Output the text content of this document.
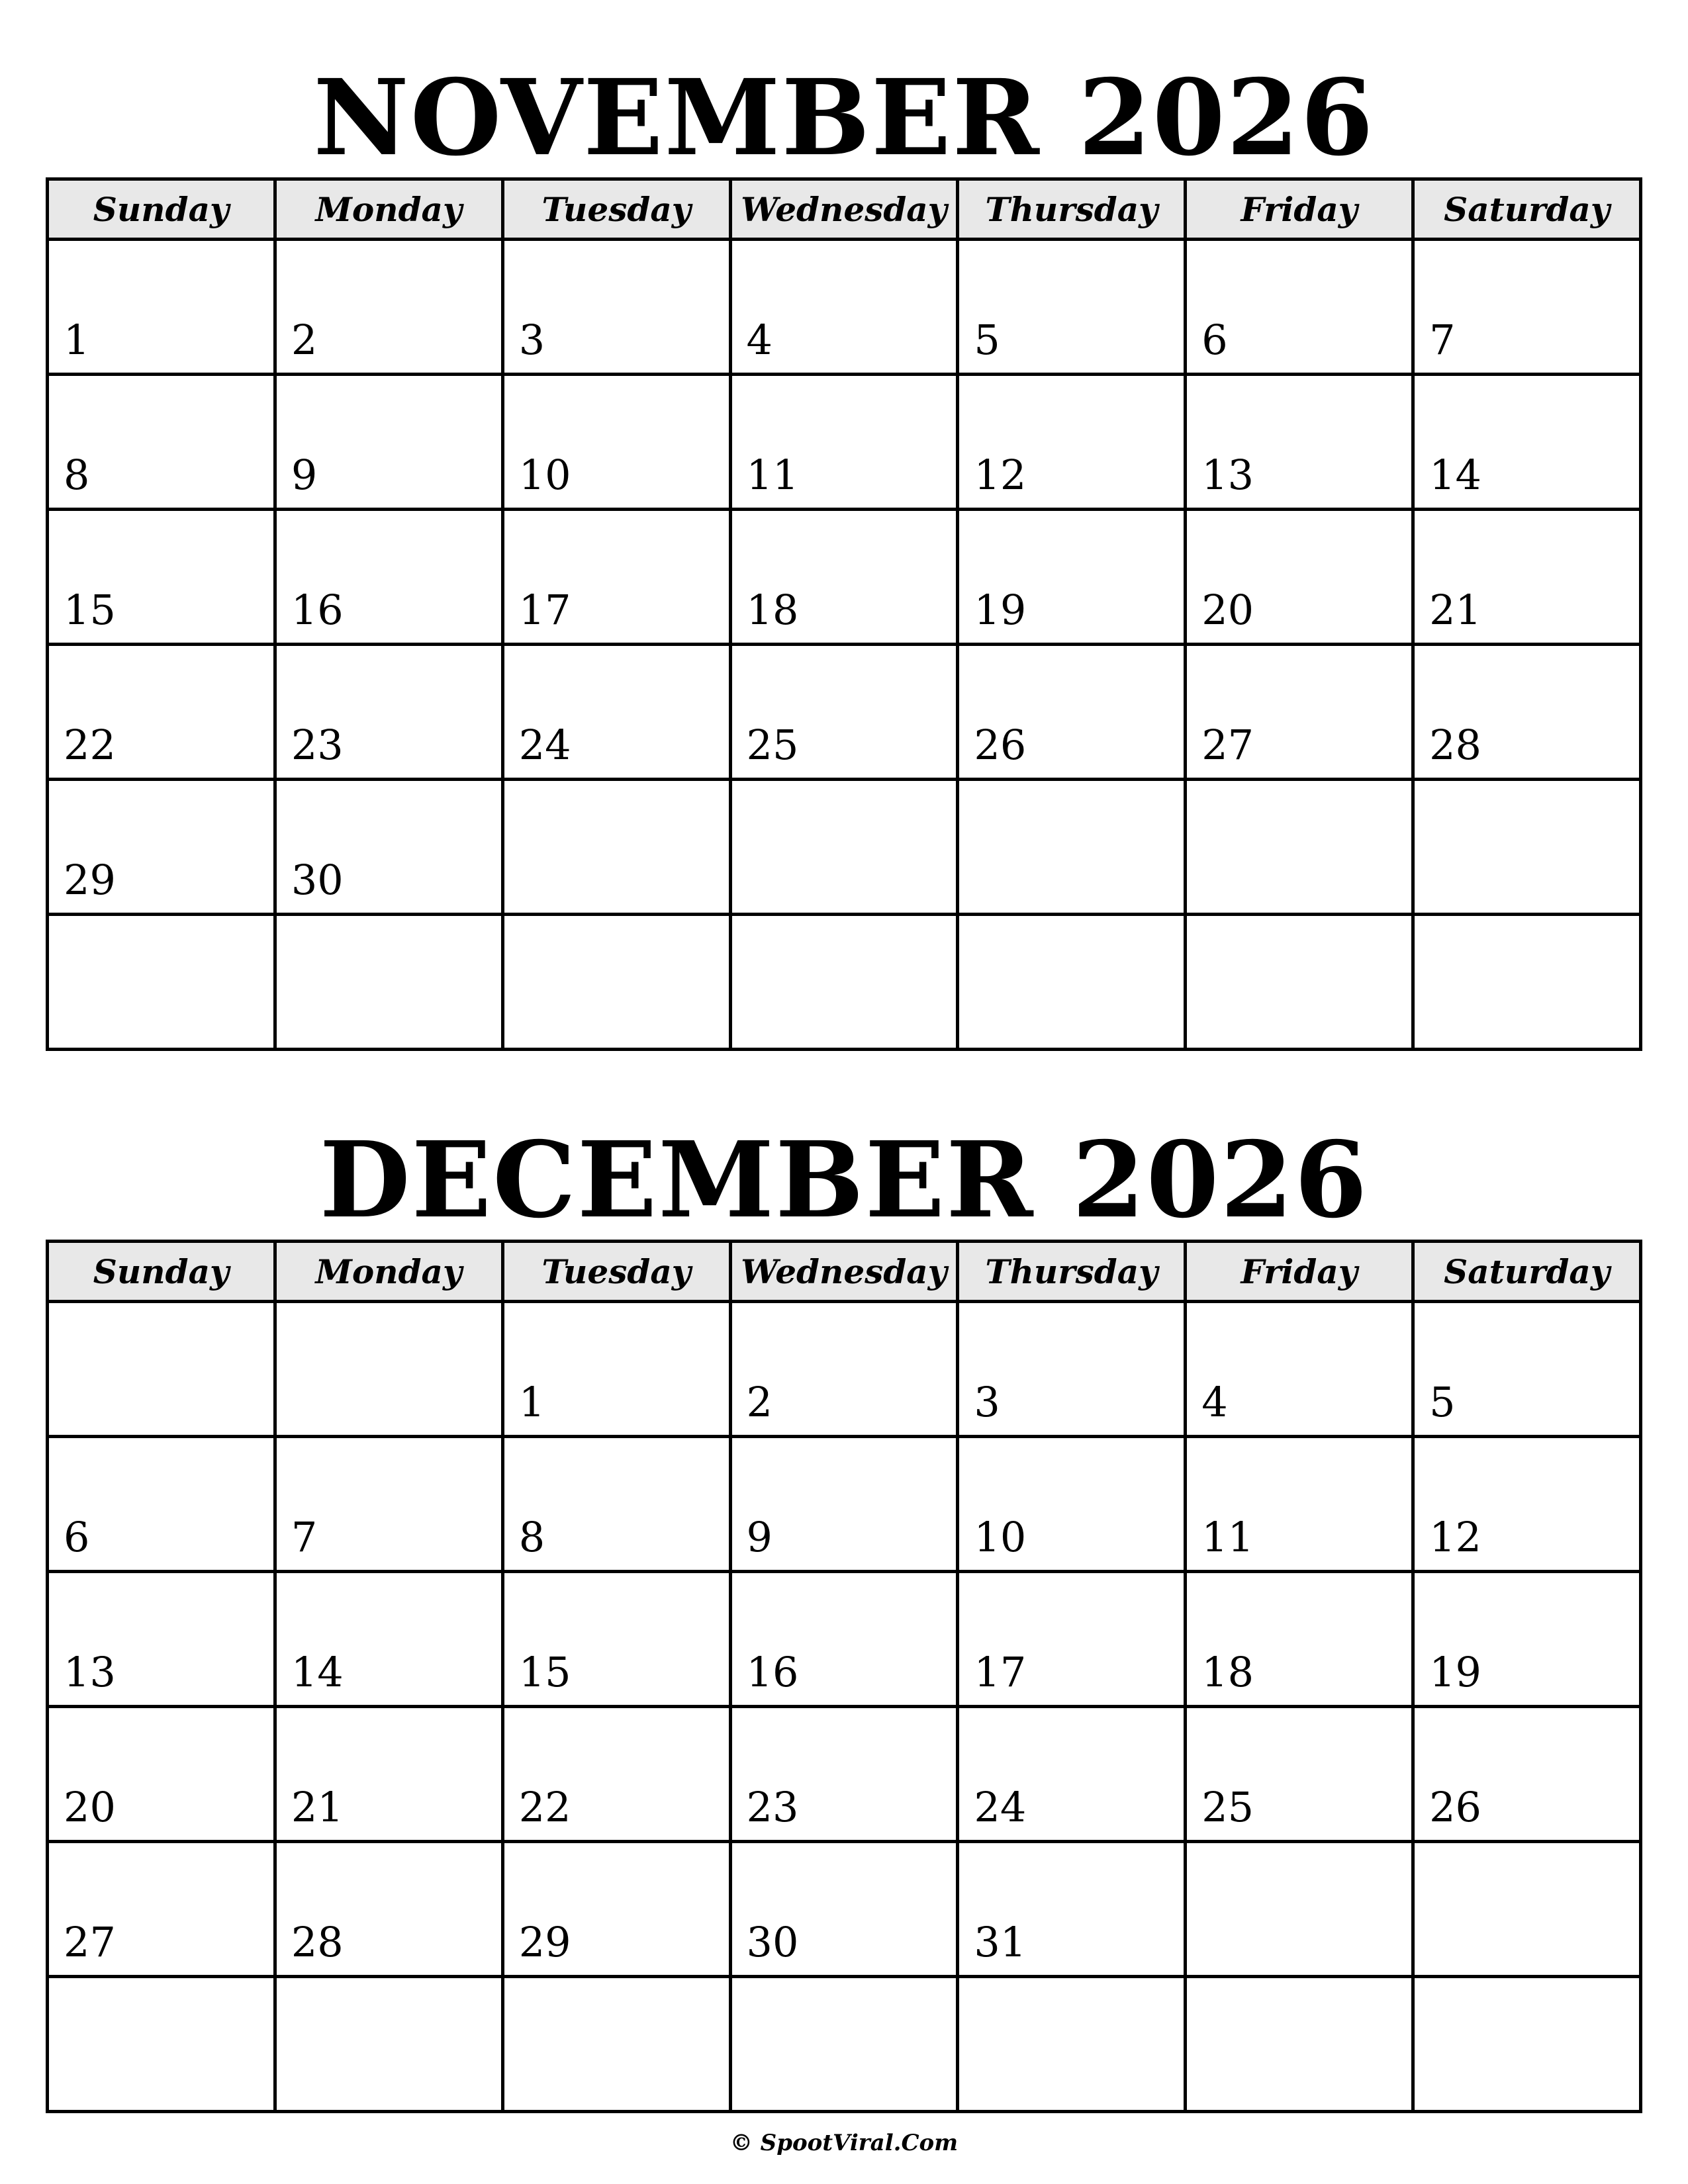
NOVEMBER 2026
Sunday	Monday	Tuesday	Wednesday	Thursday	Friday	Saturday

1	2	3	4	5	6	7

8	9	10	11	12	13	14

15	16	17	18	19	20	21

22	23	24	25	26	27	28

29	30					

DECEMBER 2026
Sunday	Monday	Tuesday	Wednesday	Thursday	Friday	Saturday

		1	2	3	4	5

6	7	8	9	10	11	12

13	14	15	16	17	18	19

20	21	22	23	24	25	26

27	28	29	30	31		

© SpootViral.Com
